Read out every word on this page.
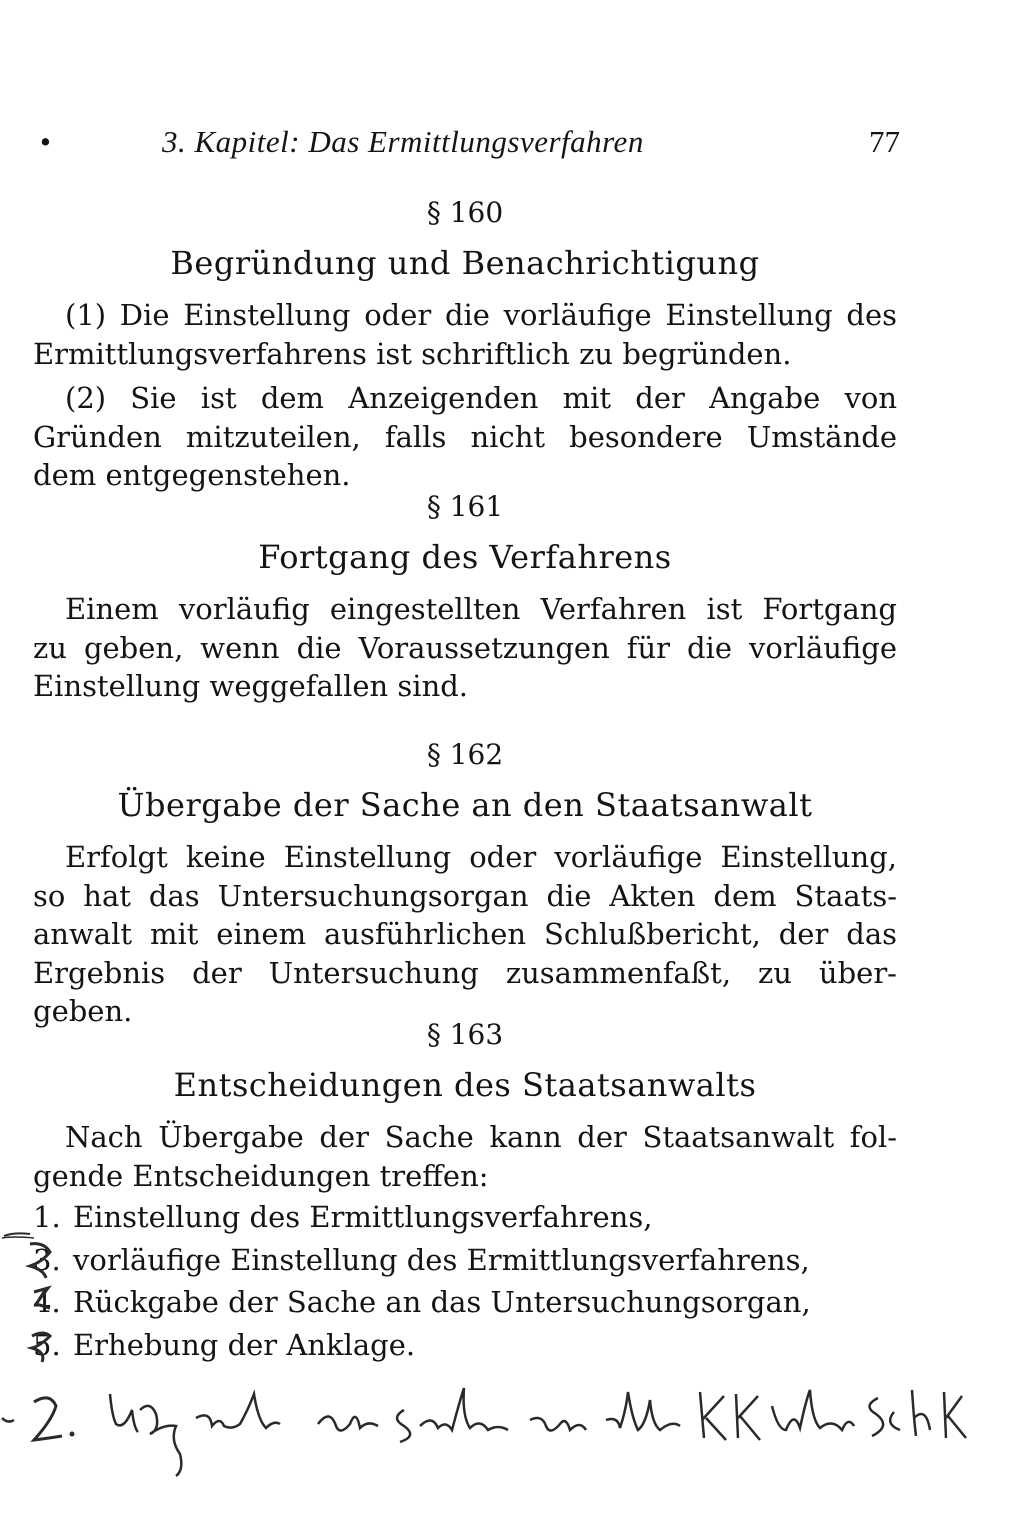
•	3. Kapitel: Das Ermittlungsverfahren	77
§ 160
Begründung und Benachrichtigung

(1) Die Einstellung oder die vorläufige Einstellung des
Ermittlungsverfahrens ist schriftlich zu begründen.

(2) Sie ist dem Anzeigenden mit der Angabe von
Gründen mitzuteilen, falls nicht besondere Umstände
dem entgegenstehen.

§ 161
Fortgang des Verfahrens

Einem vorläufig eingestellten Verfahren ist Fortgang
zu geben, wenn die Voraussetzungen für die vorläufige
Einstellung weggefallen sind.

§ 162
Übergabe der Sache an den Staatsanwalt

Erfolgt keine Einstellung oder vorläufige Einstellung,
so hat das Untersuchungsorgan die Akten dem Staats-
anwalt mit einem ausführlichen Schlußbericht, der das
Ergebnis der Untersuchung zusammenfaßt, zu über-
geben.

§ 163
Entscheidungen des Staatsanwalts

Nach Übergabe der Sache kann der Staatsanwalt fol-
gende Entscheidungen treffen:

1. Einstellung des Ermittlungsverfahrens,
3. vorläufige Einstellung des Ermittlungsverfahrens,
4. Rückgabe der Sache an das Untersuchungsorgan,
5. Erhebung der Anklage.
